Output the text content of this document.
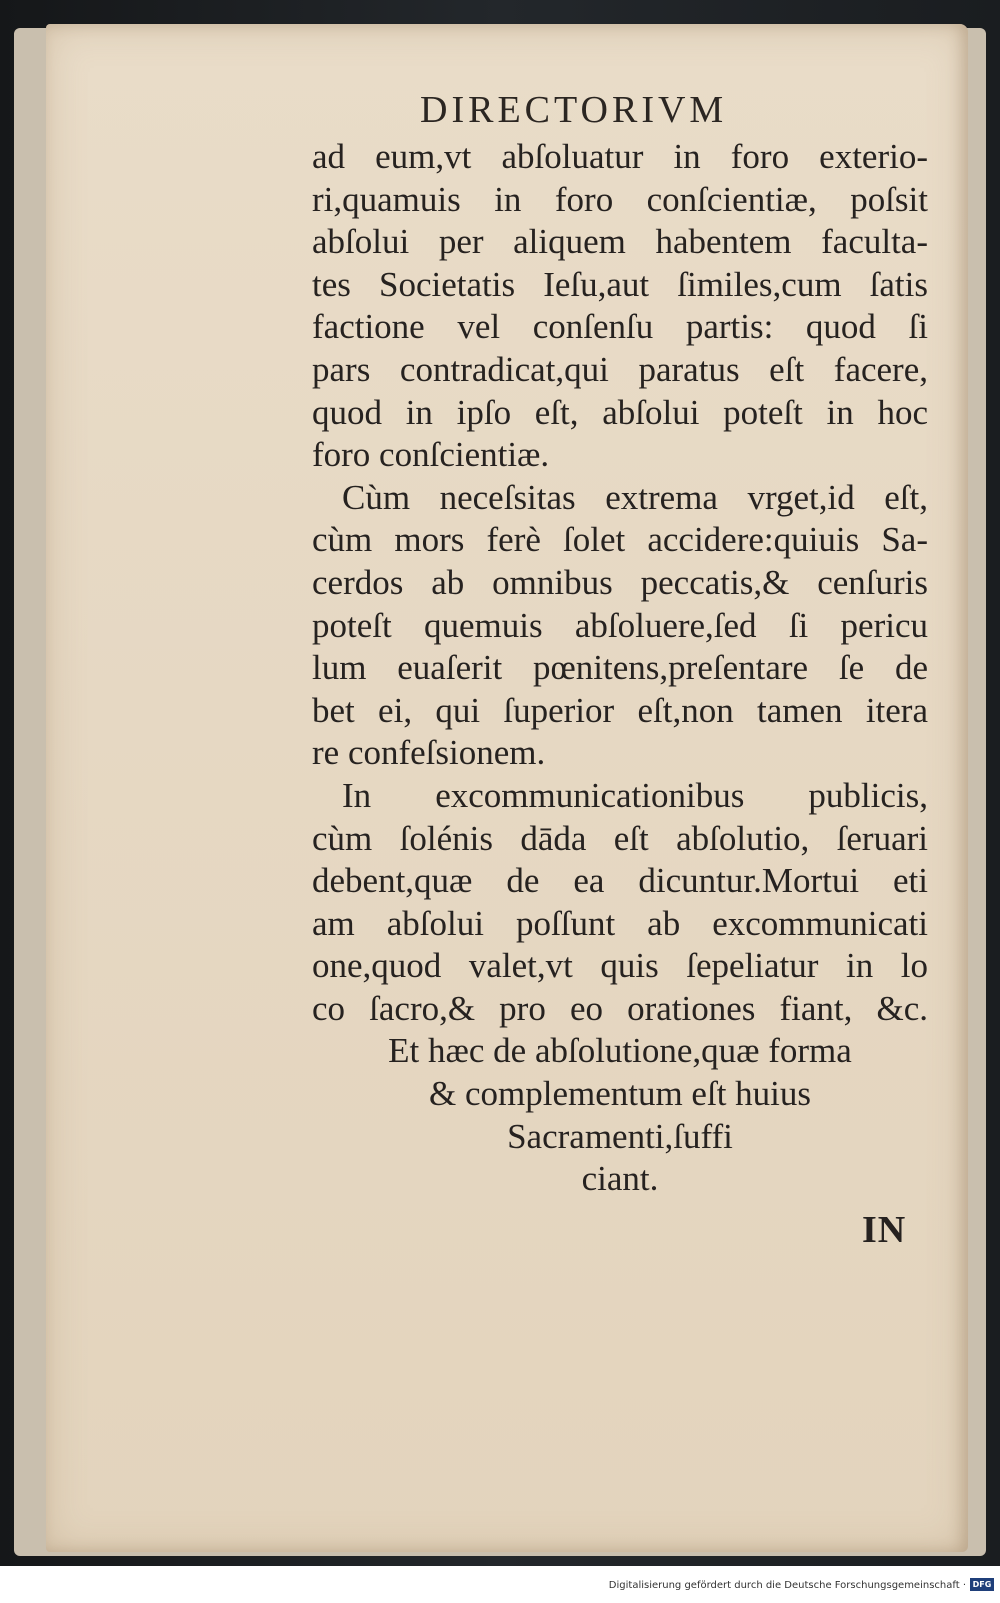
DIRECTORIVM
ad eum,vt abſoluatur in foro exterio-
ri,quamuis in foro conſcientiæ, poſsit
abſolui per aliquem habentem faculta-
tes Societatis Ieſu,aut ſimiles,cum ſatis
factione vel conſenſu partis: quod ſi
pars contradicat,qui paratus eſt facere,
quod in ipſo eſt, abſolui poteſt in hoc
foro conſcientiæ.
Cùm neceſsitas extrema vrget,id eſt,
cùm mors ferè ſolet accidere:quiuis Sa-
cerdos ab omnibus peccatis,& cenſuris
poteſt quemuis abſoluere,ſed ſi pericu
lum euaſerit pœnitens,preſentare ſe de
bet ei, qui ſuperior eſt,non tamen itera
re confeſsionem.
In excommunicationibus publicis,
cùm ſolénis dāda eſt abſolutio, ſeruari
debent,quæ de ea dicuntur.Mortui eti
am abſolui poſſunt ab excommunicati
one,quod valet,vt quis ſepeliatur in lo
co ſacro,& pro eo orationes fiant, &c.
Et hæc de abſolutione,quæ forma
& complementum eſt huius
Sacramenti,ſuffi
ciant.
IN
Digitalisierung gefördert durch die Deutsche Forschungsgemeinschaft · DFG
